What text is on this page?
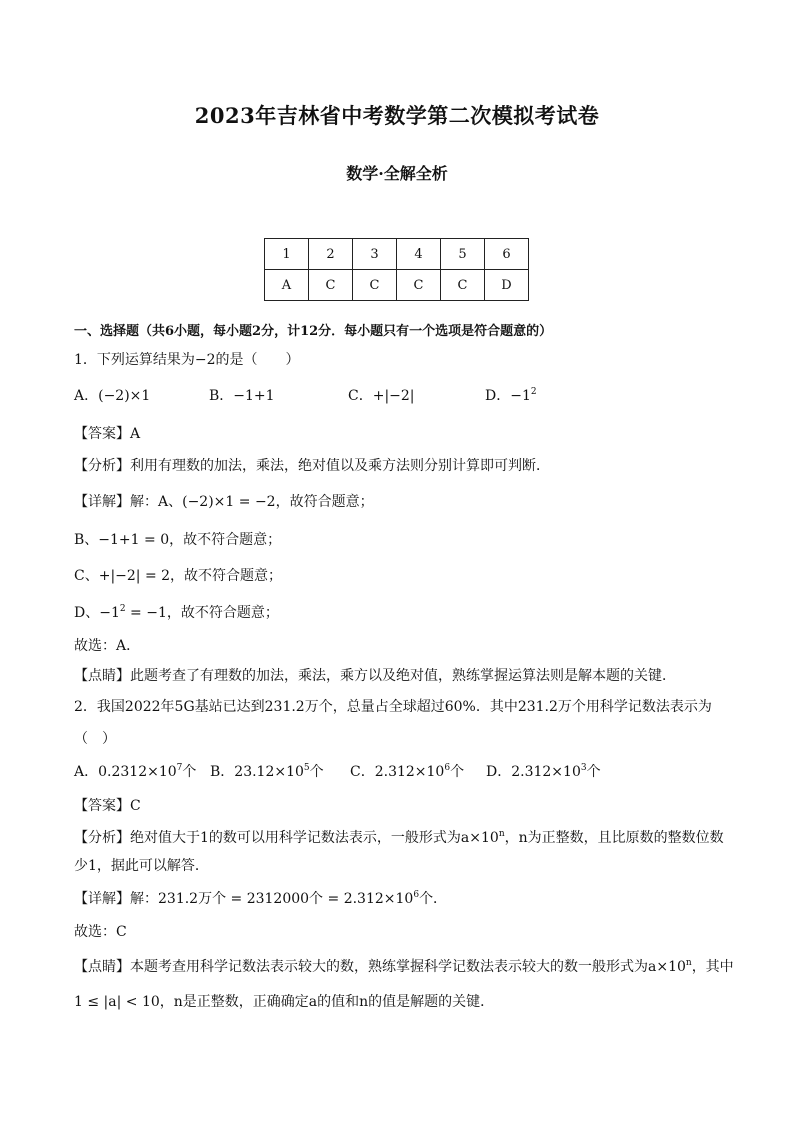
2023年吉林省中考数学第二次模拟考试卷
数学·全解全析
1	2	3	4	5	6
A	C	C	C	C	D
一、选择题（共6小题，每小题2分，计12分．每小题只有一个选项是符合题意的）
1．下列运算结果为−2的是（　　）
A．(−2)×1	B．−1+1	C．+|−2|	D．$-1^2$
【答案】A
【分析】利用有理数的加法，乘法，绝对值以及乘方法则分别计算即可判断．
【详解】解：A、(−2)×1 = −2，故符合题意；
B、−1+1 = 0，故不符合题意；
C、+|−2| = 2，故不符合题意；
D、$-1^2 = -1$，故不符合题意；
故选：A．
【点睛】此题考查了有理数的加法，乘法，乘方以及绝对值，熟练掌握运算法则是解本题的关键．
2．我国2022年5G基站已达到231.2万个，总量占全球超过60%．其中231.2万个用科学记数法表示为
（　）
A．$0.2312\times 10^7$个 B．$23.12\times 10^5$个 C．$2.312\times 10^6$个 D．$2.312\times 10^3$个
【答案】C
【分析】绝对值大于1的数可以用科学记数法表示，一般形式为$a\times 10^n$，n为正整数，且比原数的整数位数
少1，据此可以解答．
【详解】解：231.2万个 = 2312000个 = $2.312\times 10^6$个．
故选：C
【点睛】本题考查用科学记数法表示较大的数，熟练掌握科学记数法表示较大的数一般形式为$a\times 10^n$，其中
1 ≤ |a| < 10，n是正整数，正确确定a的值和n的值是解题的关键．
